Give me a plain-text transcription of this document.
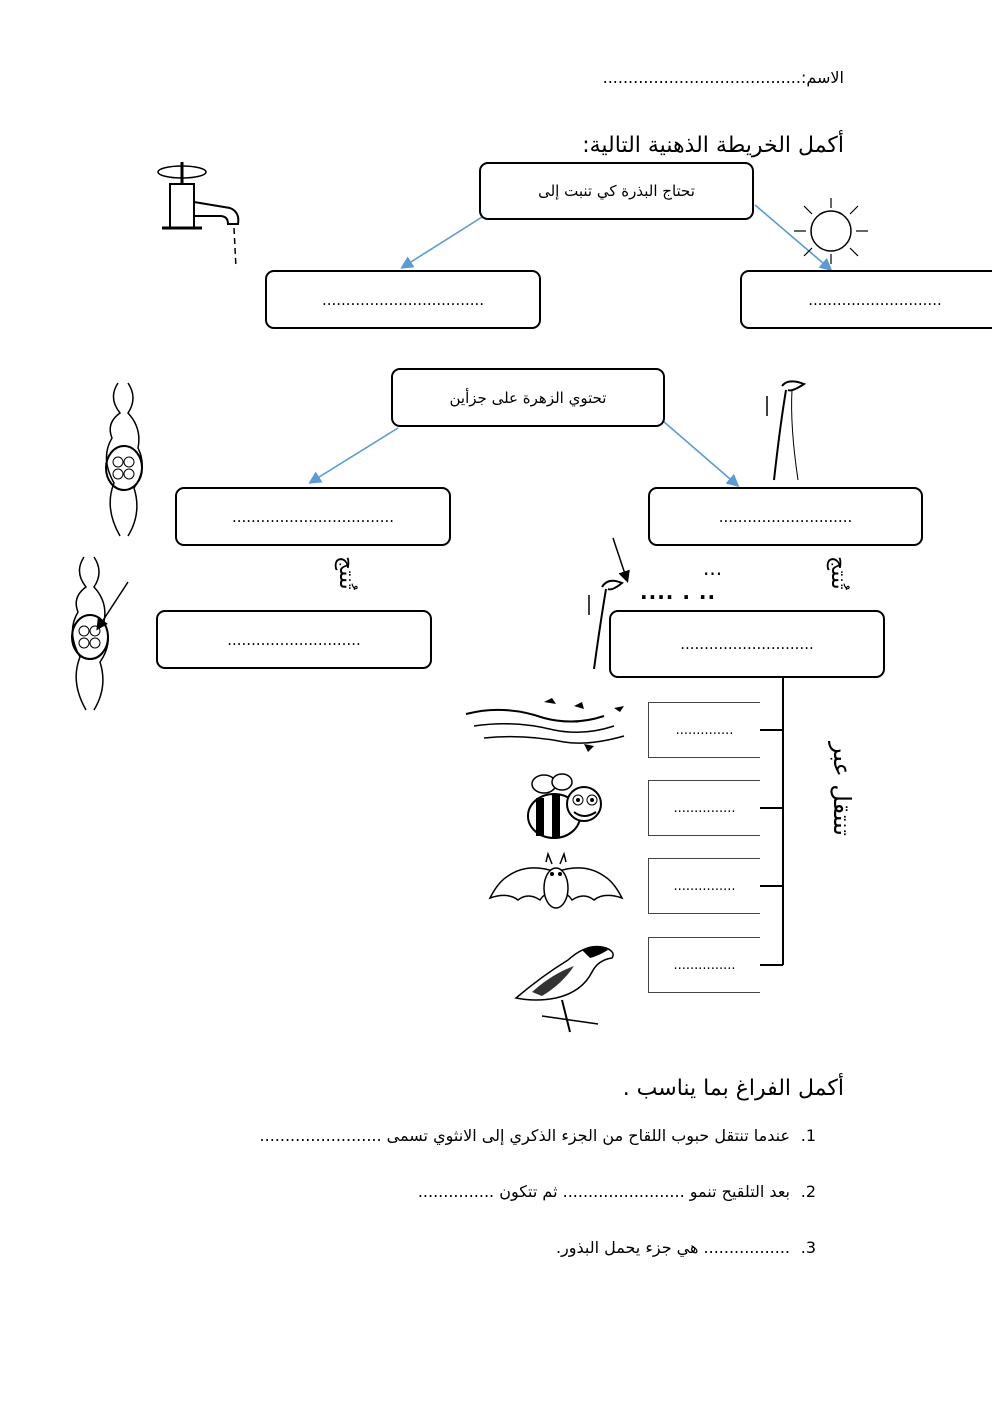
الاسم:.......................................
أكمل الخريطة الذهنية التالية:
تحتاج البذرة كي تنبت إلى
..................................	............................
تحتوي الزهرة على جزأين
..................................	............................
تُنتج	تُنتج
...
.... . ..
............................	............................
تنتقل عبر
..............
...............
...............
...............
أكمل الفراغ بما يناسب .
1.عندما تنتقل حبوب اللقاح من الجزء الذكري إلى الانثوي تسمى ........................
2.بعد التلقيح تنمو ........................ ثم تتكون ...............
3.................. هي جزء يحمل البذور.
